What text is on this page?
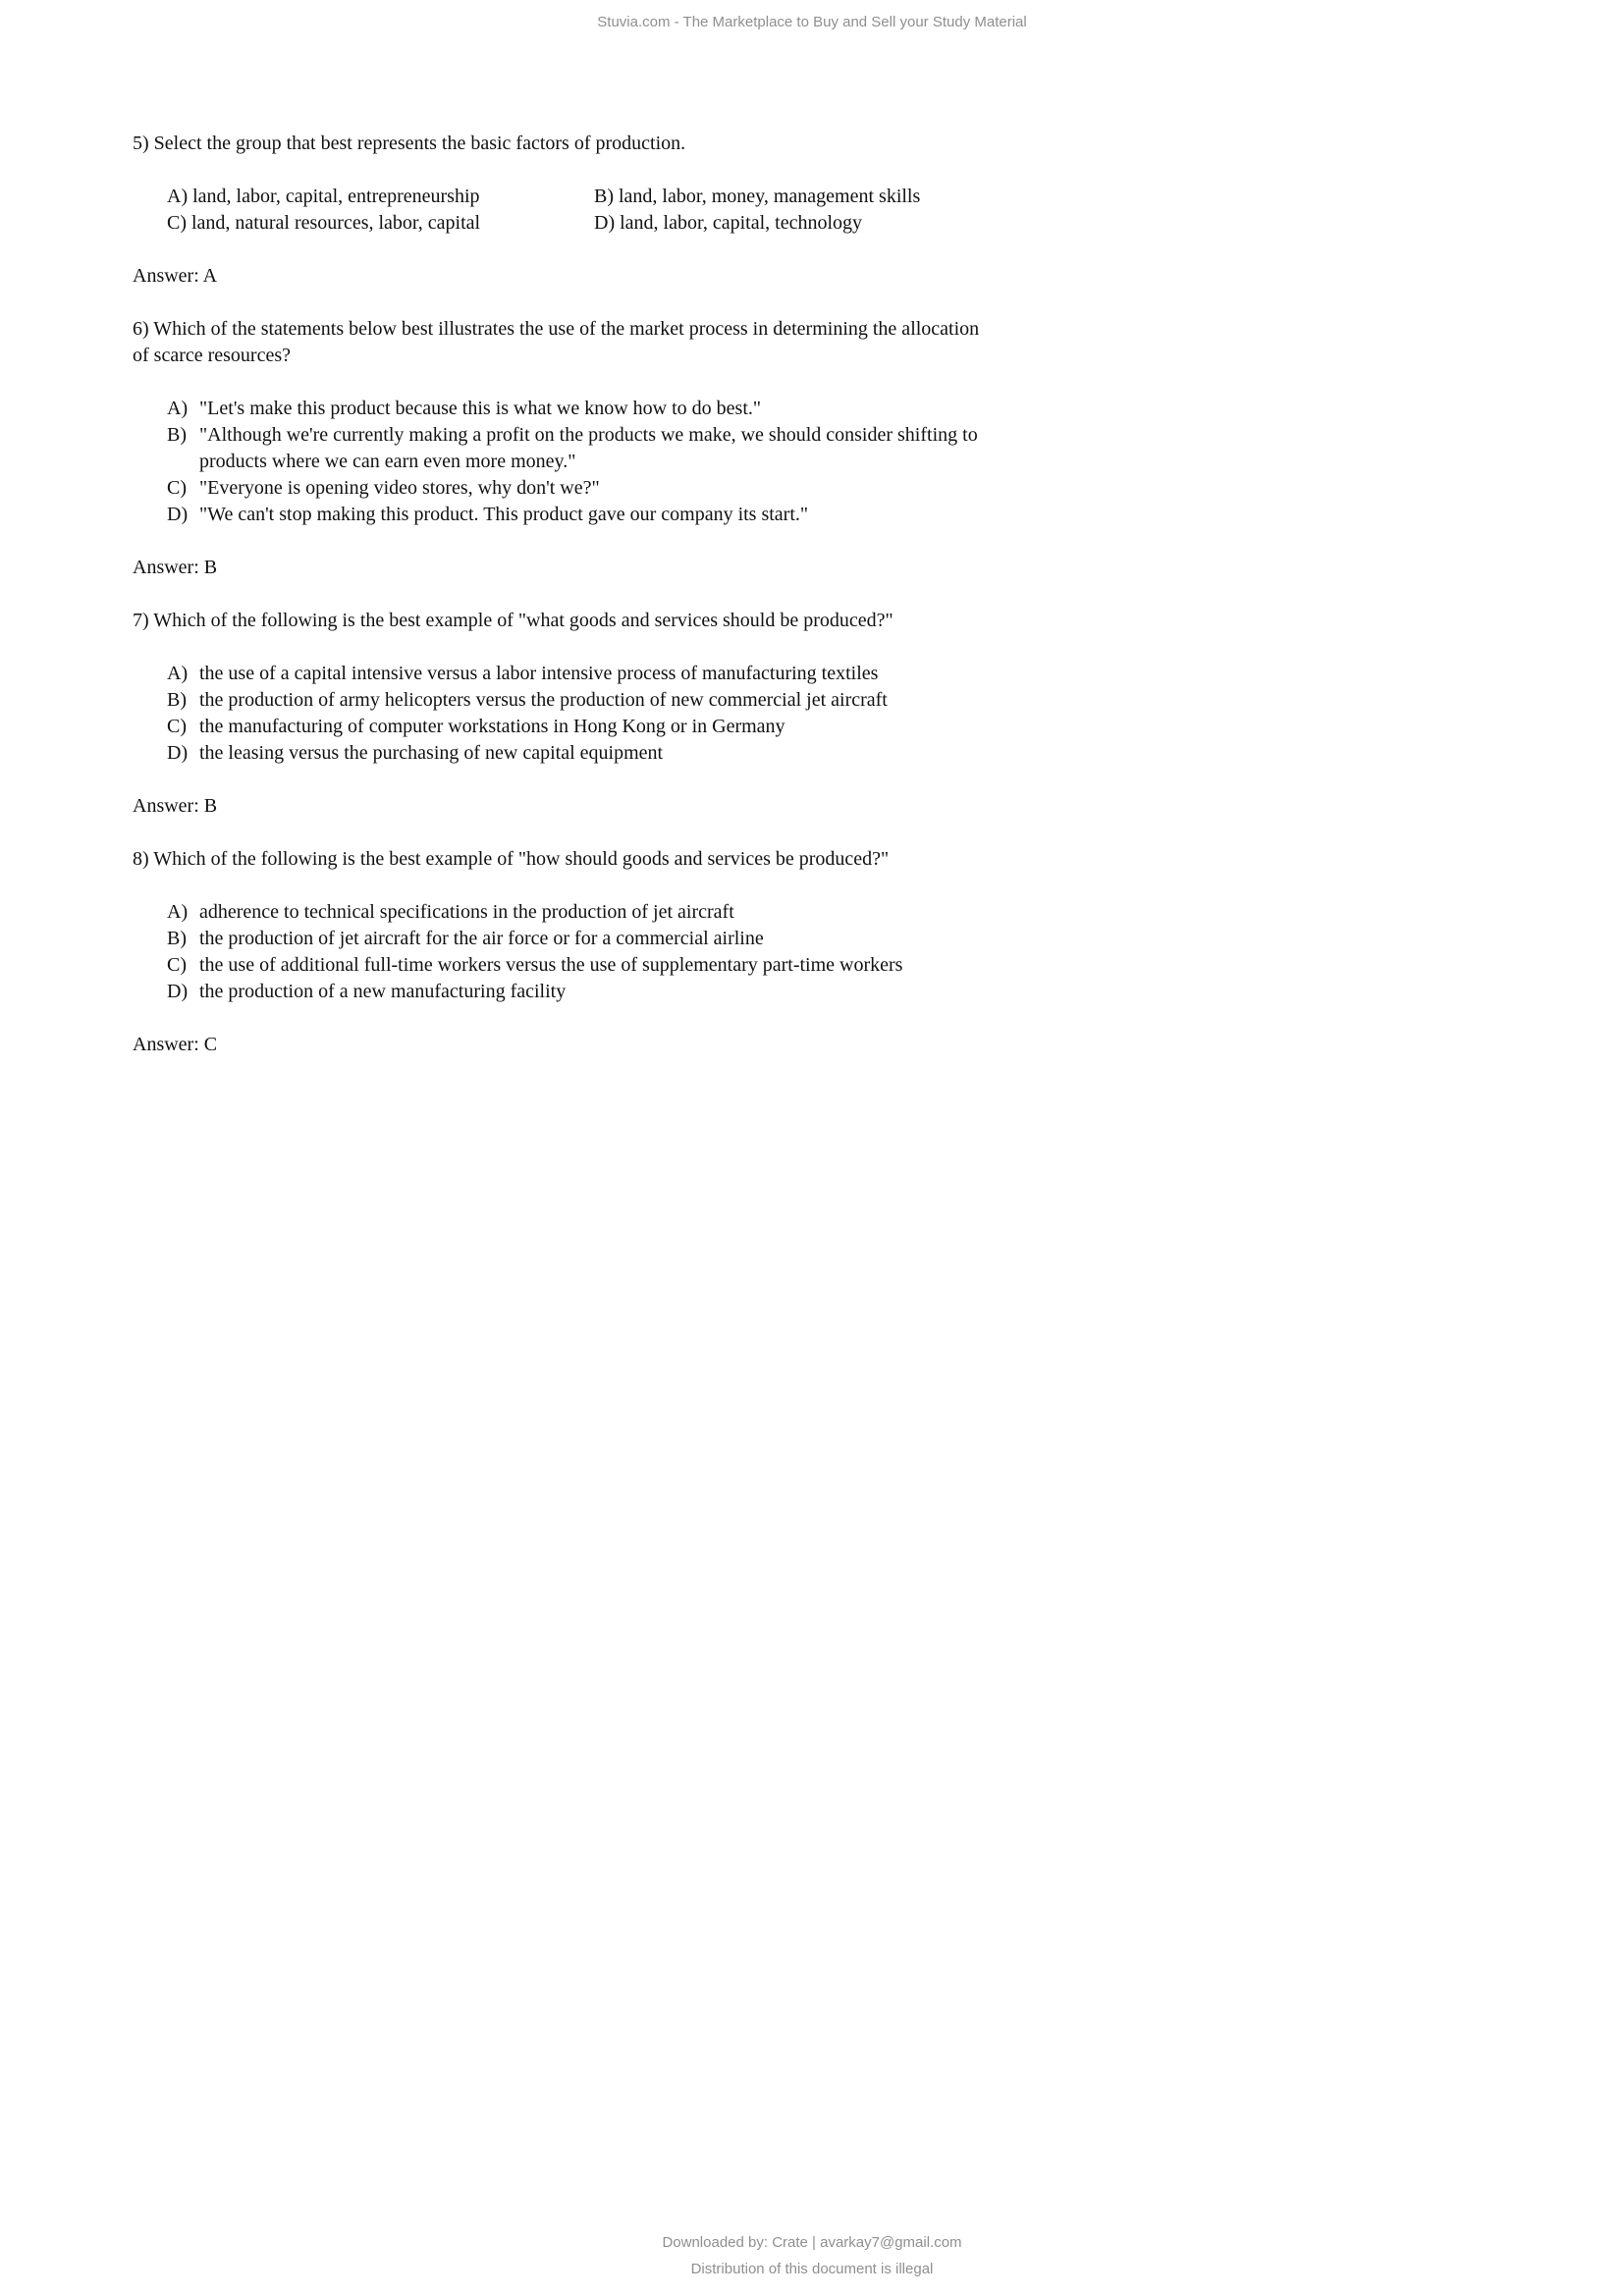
Stuvia.com - The Marketplace to Buy and Sell your Study Material

5) Select the group that best represents the basic factors of production.

A) land, labor, capital, entrepreneurship	B) land, labor, money, management skills
C) land, natural resources, labor, capital	D) land, labor, capital, technology

Answer: A

6) Which of the statements below best illustrates the use of the market process in determining the allocation of scarce resources?

A) "Let's make this product because this is what we know how to do best."
B) "Although we're currently making a profit on the products we make, we should consider shifting to products where we can earn even more money."
C) "Everyone is opening video stores, why don't we?"
D) "We can't stop making this product. This product gave our company its start."

Answer: B

7) Which of the following is the best example of "what goods and services should be produced?"

A) the use of a capital intensive versus a labor intensive process of manufacturing textiles
B) the production of army helicopters versus the production of new commercial jet aircraft
C) the manufacturing of computer workstations in Hong Kong or in Germany
D) the leasing versus the purchasing of new capital equipment

Answer: B

8) Which of the following is the best example of "how should goods and services be produced?"

A) adherence to technical specifications in the production of jet aircraft
B) the production of jet aircraft for the air force or for a commercial airline
C) the use of additional full-time workers versus the use of supplementary part-time workers
D) the production of a new manufacturing facility

Answer: C

Downloaded by: Crate | avarkay7@gmail.com
Distribution of this document is illegal
